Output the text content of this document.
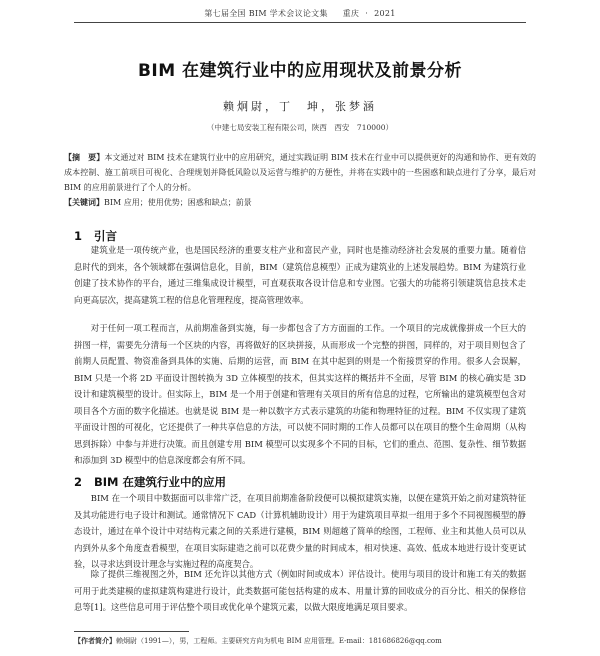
第七届全国 BIM 学术会议论文集 重庆 · 2021
BIM 在建筑行业中的应用现状及前景分析
赖炯尉，丁　坤，张梦涵
（中建七局安装工程有限公司，陕西　西安　710000）
【摘　要】本文通过对 BIM 技术在建筑行业中的应用研究，通过实践证明 BIM 技术在行业中可以提供更好的沟通和协作、更有效的成本控制、施工前项目可视化、合理规划并降低风险以及运营与维护的方便性，并将在实践中的一些困惑和缺点进行了分享，最后对 BIM 的应用前景进行了个人的分析。
【关键词】BIM 应用；使用优势；困惑和缺点；前景
1 引言

建筑业是一项传统产业，也是国民经济的重要支柱产业和富民产业，同时也是推动经济社会发展的重要力量。随着信息时代的到来，各个领域都在强调信息化，目前，BIM（建筑信息模型）正成为建筑业的上述发展趋势。BIM 为建筑行业创建了技术协作的平台，通过三维集成设计模型，可直观获取各设计信息和专业图。它强大的功能将引领建筑信息技术走向更高层次，提高建筑工程的信息化管理程度，提高管理效率。

对于任何一项工程而言，从前期准备到实施，每一步都包含了方方面面的工作。一个项目的完成就像拼成一个巨大的拼图一样，需要先分清每一个区块的内容，再将做好的区块拼接，从而形成一个完整的拼图，同样的，对于项目则包含了前期人员配置、物资准备到具体的实施、后期的运营，而 BIM 在其中起到的则是一个衔接贯穿的作用。很多人会误解，BIM 只是一个将 2D 平面设计图转换为 3D 立体模型的技术，但其实这样的概括并不全面，尽管 BIM 的核心确实是 3D 设计和建筑模型的设计。但实际上，BIM 是一个用于创建和管理有关项目的所有信息的过程，它所输出的建筑模型包含对项目各个方面的数字化描述。也就是说 BIM 是一种以数字方式表示建筑的功能和物理特征的过程。BIM 不仅实现了建筑平面设计图的可视化，它还提供了一种共享信息的方法，可以使不同时期的工作人员都可以在项目的整个生命周期（从构思到拆除）中参与并进行决策。而且创建专用 BIM 模型可以实现多个不同的目标，它们的重点、范围、复杂性、细节数据和添加到 3D 模型中的信息深度都会有所不同。

2 BIM 在建筑行业中的应用

BIM 在一个项目中数据面可以非常广泛，在项目前期准备阶段便可以模拟建筑实施，以便在建筑开始之前对建筑特征及其功能进行电子设计和测试。通常情况下 CAD（计算机辅助设计）用于为建筑项目草拟一组用于多个不同视图模型的静态设计，通过在单个设计中对结构元素之间的关系进行建模，BIM 则超越了简单的绘图，工程师、业主和其他人员可以从内到外从多个角度查看模型，在项目实际建造之前可以花费少量的时间成本，相对快速、高效、低成本地进行设计变更试验，以寻求达到设计理念与实施过程的高度契合。

除了提供三维视图之外，BIM 还允许以其他方式（例如时间或成本）评估设计。使用与项目的设计和施工有关的数据可用于此类建模的虚拟建筑构建进行设计，此类数据可能包括构建的成本、用量计算的回收成分的百分比、相关的保修信息等[1]。这些信息可用于评估整个项目或优化单个建筑元素，以做大限度地满足项目要求。

【作者简介】赖炯尉（1991—），男，工程师。主要研究方向为机电 BIM 应用管理。E-mail：181686826@qq.com
